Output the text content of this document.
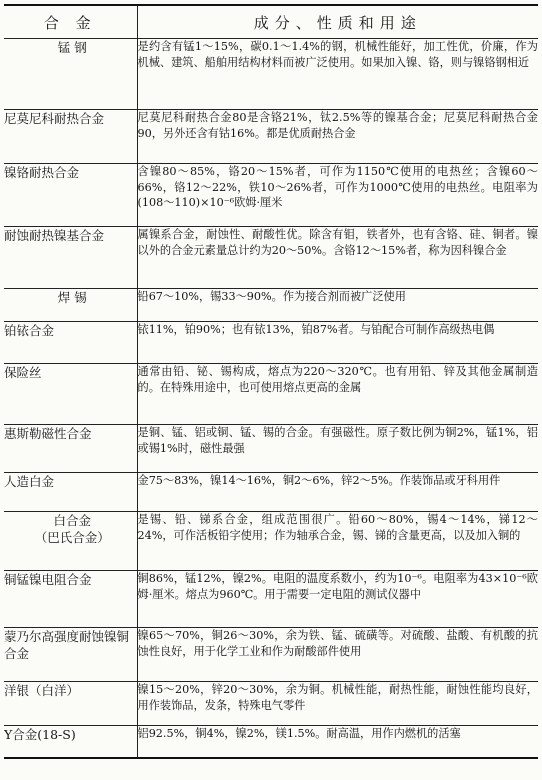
合 金	成分、性质和用途
锰 钢	是约含有锰1～15%，碳0.1～1.4%的钢，机械性能好，加工性优，价廉，作为机械、建筑、船舶用结构材料而被广泛使用。如果加入镍、铬，则与镍铬钢相近
尼莫尼科耐热合金	尼莫尼科耐热合金80是含铬21%，钛2.5%等的镍基合金；尼莫尼科耐热合金90，另外还含有钴16%。都是优质耐热合金
镍铬耐热合金	含镍80～85%，铬20～15%者，可作为1150℃使用的电热丝；含镍60～66%，铬12～22%，铁10～26%者，可作为1000℃使用的电热丝。电阻率为(108～110)×10⁻⁶欧姆·厘米
耐蚀耐热镍基合金	属镍系合金，耐蚀性、耐酸性优。除含有钼，铁者外，也有含铬、硅、铜者。镍以外的合金元素量总计约为20～50%。含铬12～15%者，称为因科镍合金
焊 锡	铅67～10%，锡33～90%。作为接合剂而被广泛使用
铂铱合金	铱11%，铂90%；也有铱13%，铂87%者。与铂配合可制作高级热电偶
保险丝	通常由铅、铋、锡构成，熔点为220～320℃。也有用铅、锌及其他金属制造的。在特殊用途中，也可使用熔点更高的金属
惠斯勒磁性合金	是铜、锰、铝或铜、锰、锡的合金。有强磁性。原子数比例为铜2%，锰1%，铝或锡1%时，磁性最强
人造白金	金75～83%，镍14～16%，铜2～6%，锌2～5%。作装饰品或牙科用件

白合金
（巴氏合金）	是锡、铅、锑系合金，组成范围很广。铅60～80%，锡4～14%，锑12～24%，可作活板铅字使用；作为轴承合金，锡、锑的含量更高，以及加入铜的
铜锰镍电阻合金	铜86%，锰12%，镍2%。电阻的温度系数小，约为10⁻⁶。电阻率为43×10⁻⁶欧姆·厘米。熔点为960℃。用于需要一定电阻的测试仪器中
蒙乃尔高强度耐蚀镍铜合金	镍65～70%，铜26～30%，余为铁、锰、硫磺等。对硫酸、盐酸、有机酸的抗蚀性良好，用于化学工业和作为耐酸部件使用
洋银（白洋）	镍15～20%，锌20～30%，余为铜。机械性能，耐热性能，耐蚀性能均良好，用作装饰品，发条，特殊电气零件
Y合金(18-S)	铝92.5%，铜4%，镍2%，镁1.5%。耐高温，用作内燃机的活塞
